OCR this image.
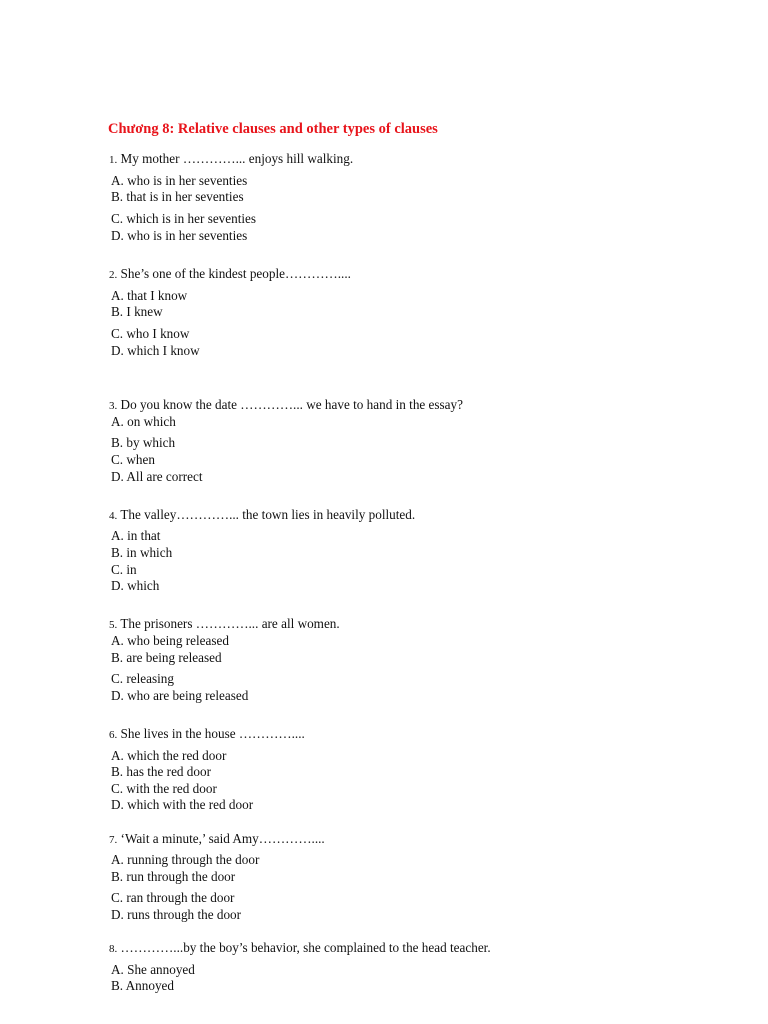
Chương 8: Relative clauses and other types of clauses
1. My mother …………... enjoys hill walking.
A. who is in her seventies
B. that is in her seventies
C. which is in her seventies
D. who is in her seventies
2. She’s one of the kindest people…………....
A. that I know
B. I knew
C. who I know
D. which I know
3. Do you know the date …………... we have to hand in the essay?
A. on which
B. by which
C. when
D. All are correct
4. The valley…………... the town lies in heavily polluted.
A. in that
B. in which
C. in
D. which
5. The prisoners …………... are all women.
A. who being released
B. are being released
C. releasing
D. who are being released
6. She lives in the house …………....
A. which the red door
B. has the red door
C. with the red door
D. which with the red door
7. ‘Wait a minute,’ said Amy…………....
A. running through the door
B. run through the door
C. ran through the door
D. runs through the door
8. …………...by the boy’s behavior, she complained to the head teacher.
A. She annoyed
B. Annoyed
